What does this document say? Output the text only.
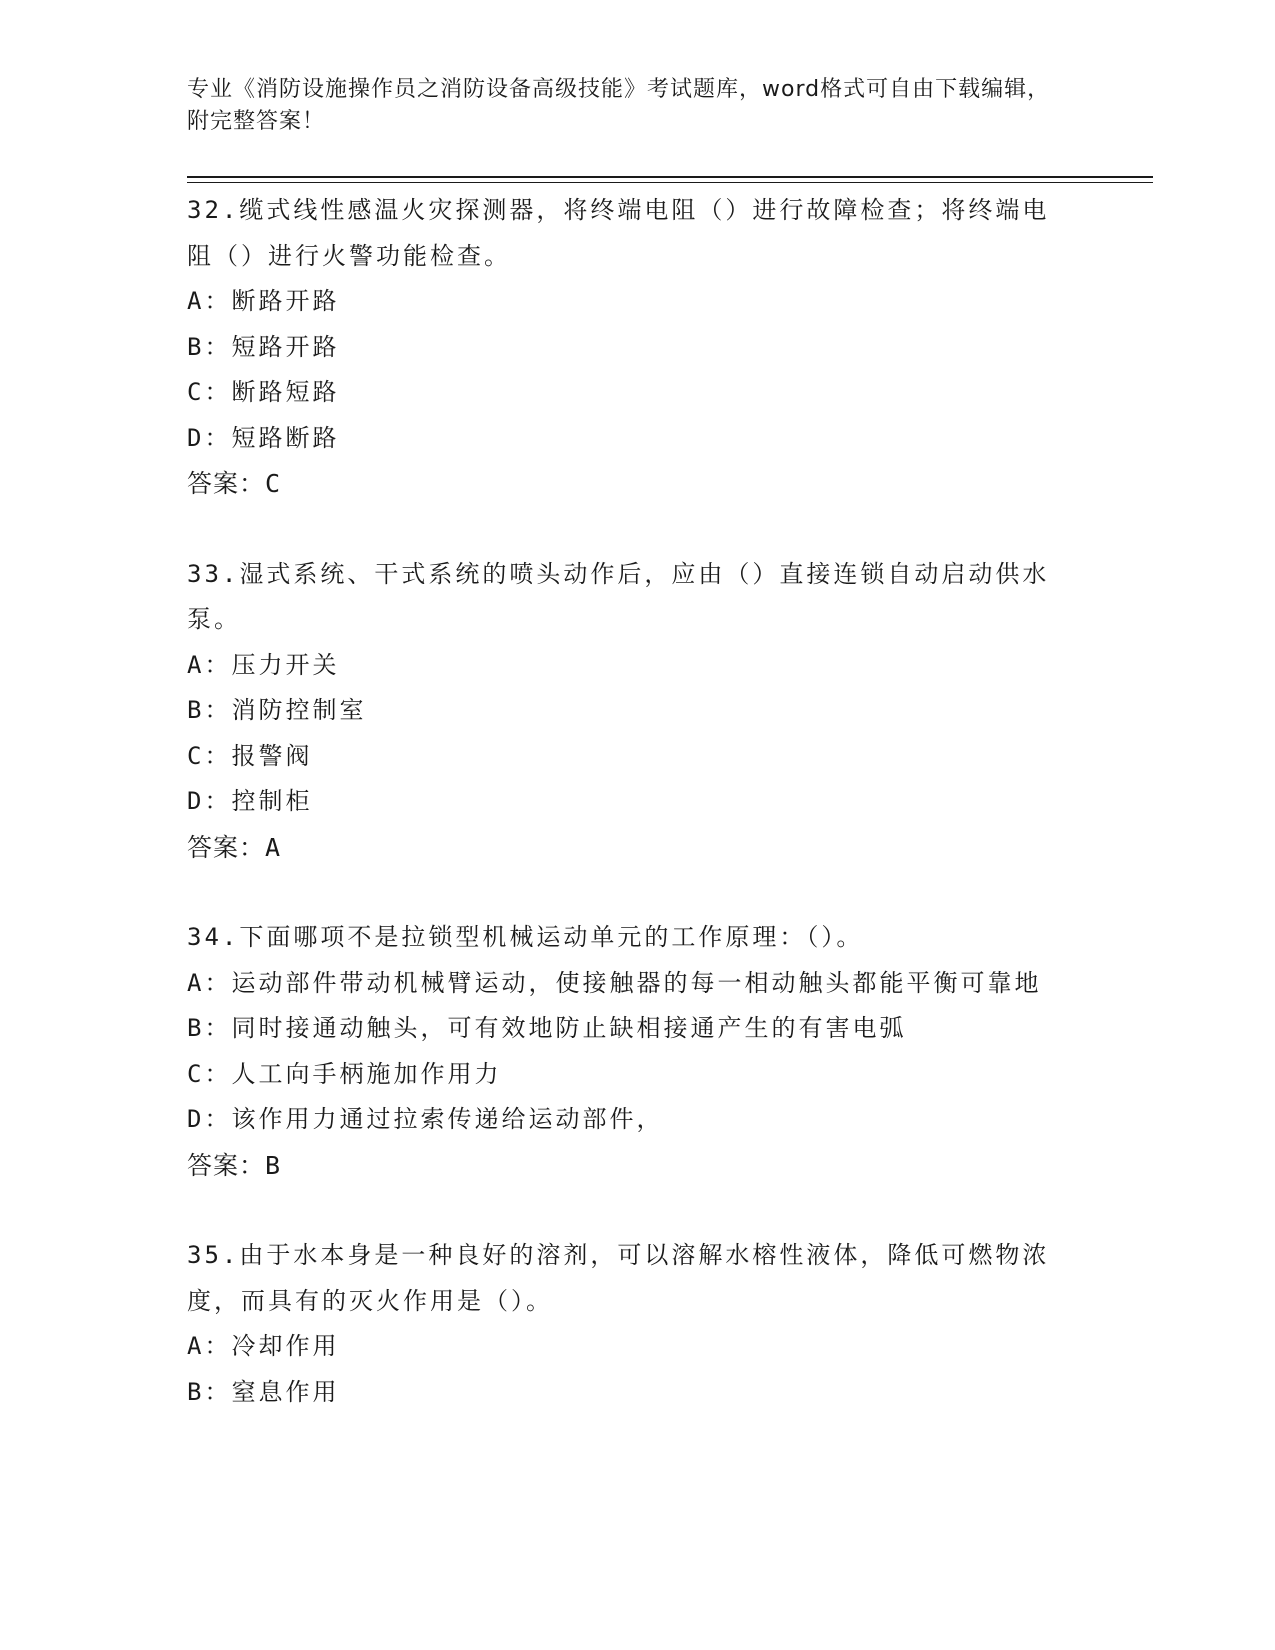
专业《消防设施操作员之消防设备高级技能》考试题库，word格式可自由下载编辑，附完整答案！
32.缆式线性感温火灾探测器，将终端电阻（）进行故障检查；将终端电阻（）进行火警功能检查。
A：断路开路
B：短路开路
C：断路短路
D：短路断路
答案：C
33.湿式系统、干式系统的喷头动作后，应由（）直接连锁自动启动供水泵。
A：压力开关
B：消防控制室
C：报警阀
D：控制柜
答案：A
34.下面哪项不是拉锁型机械运动单元的工作原理：（）。
A：运动部件带动机械臂运动，使接触器的每一相动触头都能平衡可靠地
B：同时接通动触头，可有效地防止缺相接通产生的有害电弧
C：人工向手柄施加作用力
D：该作用力通过拉索传递给运动部件，
答案：B
35.由于水本身是一种良好的溶剂，可以溶解水榕性液体，降低可燃物浓度，而具有的灭火作用是（）。
A：冷却作用
B：窒息作用
